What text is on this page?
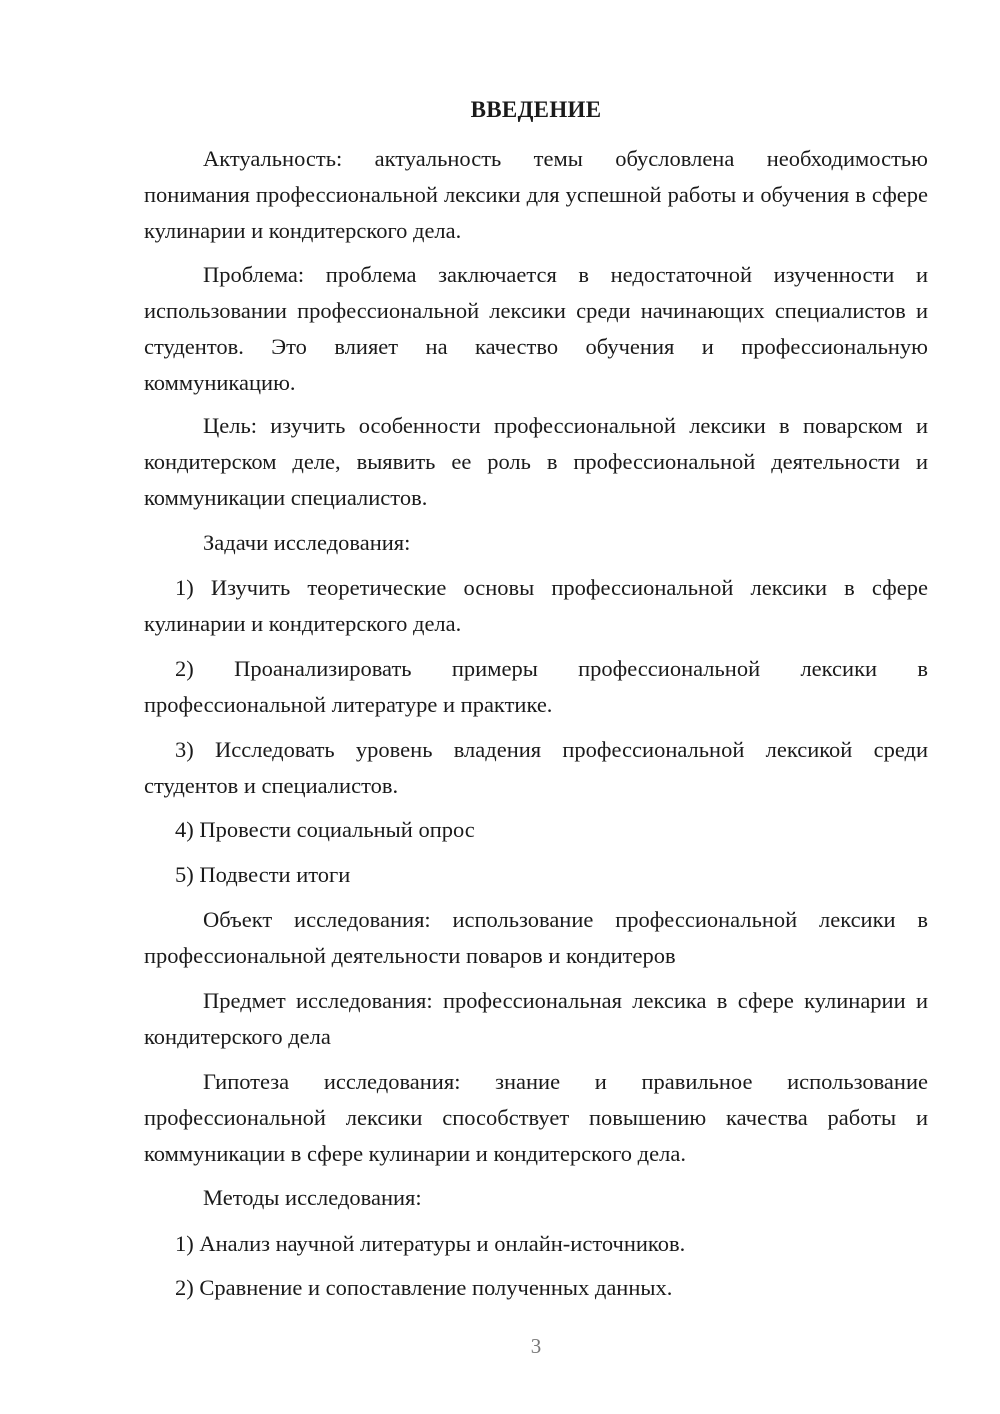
ВВЕДЕНИЕ

Актуальность: актуальность темы обусловлена необходимостью понимания профессиональной лексики для успешной работы и обучения в сфере кулинарии и кондитерского дела.

Проблема: проблема заключается в недостаточной изученности и использовании профессиональной лексики среди начинающих специалистов и студентов. Это влияет на качество обучения и профессиональную коммуникацию.

Цель: изучить особенности профессиональной лексики в поварском и кондитерском деле, выявить ее роль в профессиональной деятельности и коммуникации специалистов.

Задачи исследования:

1) Изучить теоретические основы профессиональной лексики в сфере кулинарии и кондитерского дела.

2) Проанализировать примеры профессиональной лексики в профессиональной литературе и практике.

3) Исследовать уровень владения профессиональной лексикой среди студентов и специалистов.

4) Провести социальный опрос

5) Подвести итоги

Объект исследования: использование профессиональной лексики в профессиональной деятельности поваров и кондитеров

Предмет исследования: профессиональная лексика в сфере кулинарии и кондитерского дела

Гипотеза исследования: знание и правильное использование профессиональной лексики способствует повышению качества работы и коммуникации в сфере кулинарии и кондитерского дела.

Методы исследования:

1) Анализ научной литературы и онлайн-источников.

2) Сравнение и сопоставление полученных данных.

3
